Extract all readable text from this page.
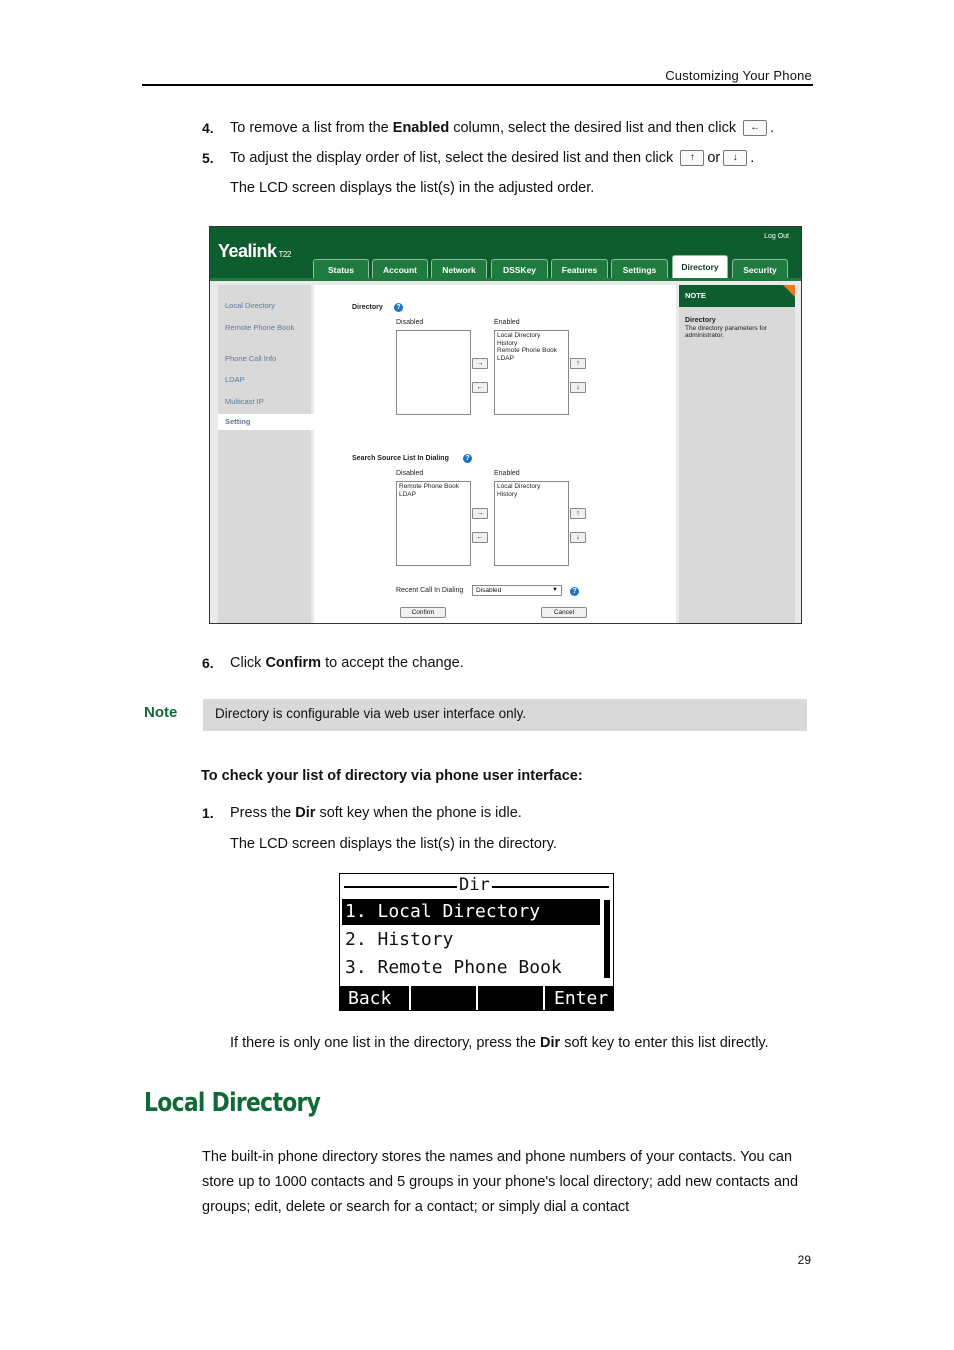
Customizing Your Phone
4. To remove a list from the Enabled column, select the desired list and then click ← .
5. To adjust the display order of list, select the desired list and then click ↑ or ↓ .
The LCD screen displays the list(s) in the adjusted order.
Yealink T22
Log Out
Status	Account	Network	DSSKey	Features	Settings	Directory	Security
Local Directory
Remote Phone Book
Phone Call Info
LDAP
Multicast IP
Setting
Directory	?
Disabled	Enabled
Local Directory
History
Remote Phone Book
LDAP
→
←
↑
↓
Search Source List In Dialing	?
Disabled	Enabled
Remote Phone Book
LDAP
Local Directory
History
→
←
↑
↓
Recent Call In Dialing	Disabled	▼	?
Confirm	Cancel
NOTE
Directory
The directory parameters for administrator.
6. Click Confirm to accept the change.
Note	Directory is configurable via web user interface only.
To check your list of directory via phone user interface:
1. Press the Dir soft key when the phone is idle.
The LCD screen displays the list(s) in the directory.
Dir
1. Local Directory
2. History
3. Remote Phone Book
Back	Enter
If there is only one list in the directory, press the Dir soft key to enter this list directly.
Local Directory
The built-in phone directory stores the names and phone numbers of your contacts. You can store up to 1000 contacts and 5 groups in your phone's local directory; add new contacts and groups; edit, delete or search for a contact; or simply dial a contact
29
